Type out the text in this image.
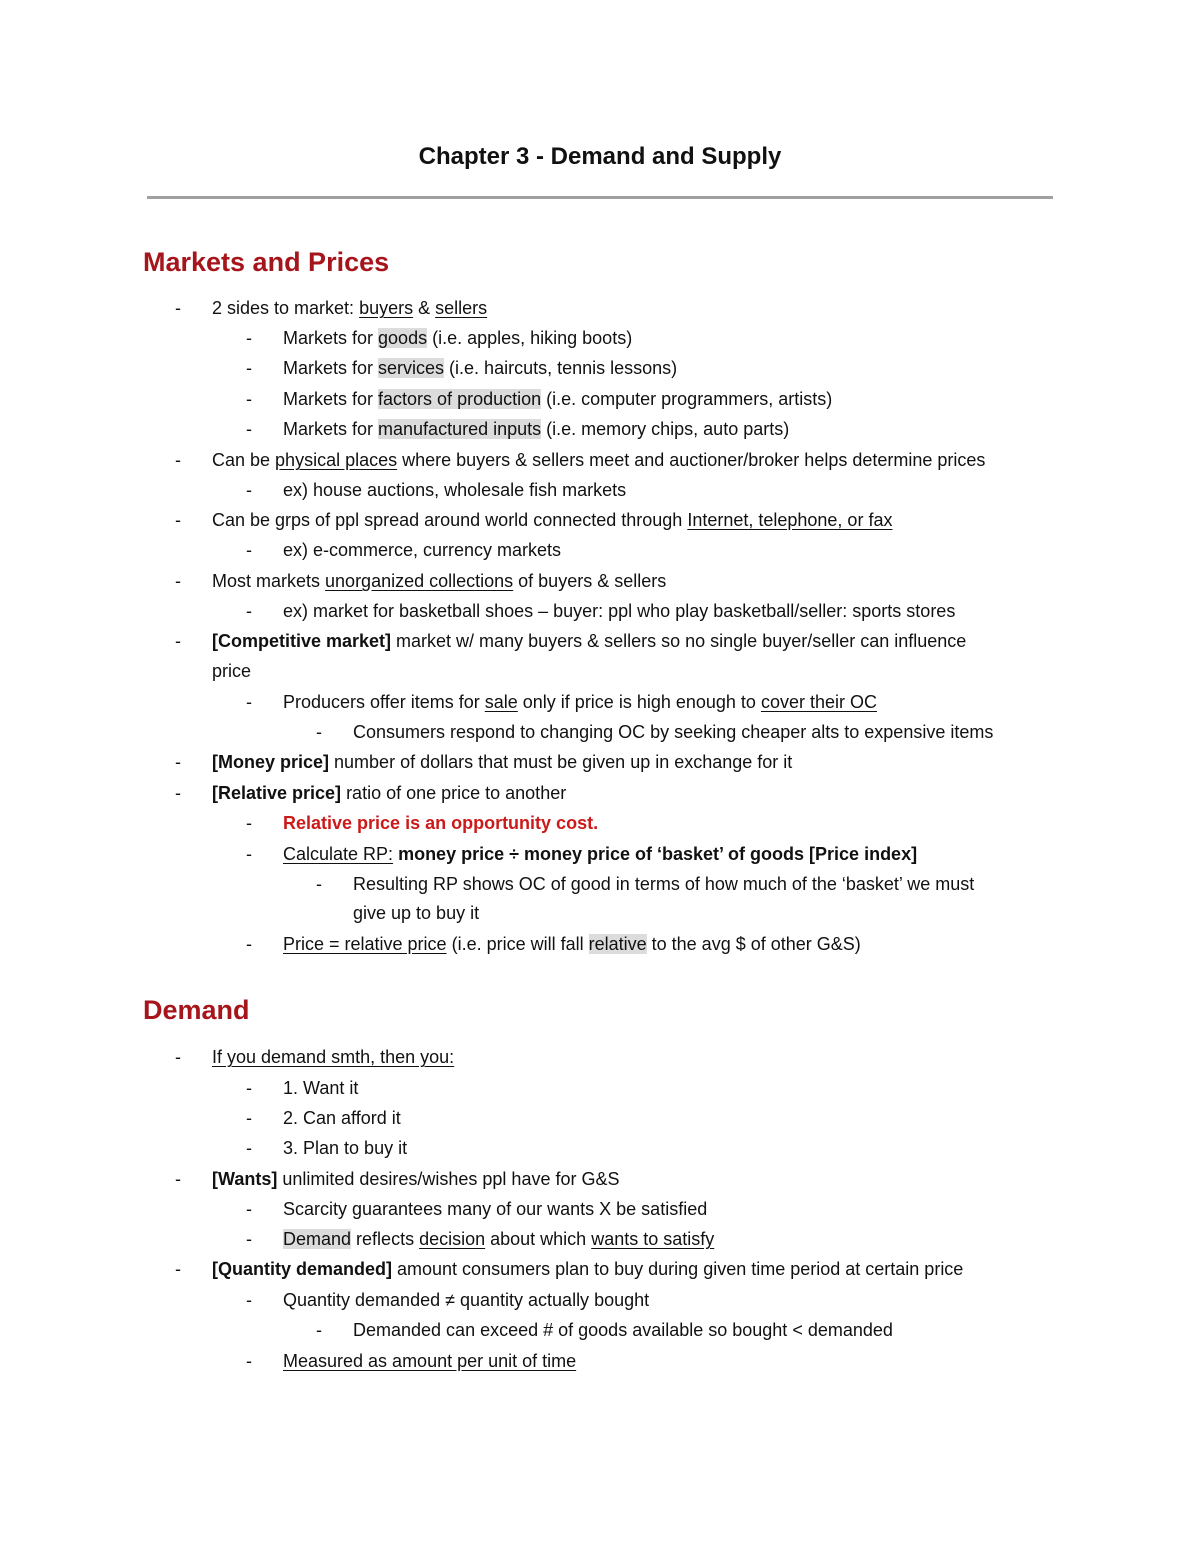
Chapter 3 - Demand and Supply
Markets and Prices
- 2 sides to market: buyers & sellers
- Markets for goods (i.e. apples, hiking boots)
- Markets for services (i.e. haircuts, tennis lessons)
- Markets for factors of production (i.e. computer programmers, artists)
- Markets for manufactured inputs (i.e. memory chips, auto parts)
- Can be physical places where buyers & sellers meet and auctioner/broker helps determine prices
- ex) house auctions, wholesale fish markets
- Can be grps of ppl spread around world connected through Internet, telephone, or fax
- ex) e-commerce, currency markets
- Most markets unorganized collections of buyers & sellers
- ex) market for basketball shoes – buyer: ppl who play basketball/seller: sports stores
- [Competitive market] market w/ many buyers & sellers so no single buyer/seller can influence
price
- Producers offer items for sale only if price is high enough to cover their OC
- Consumers respond to changing OC by seeking cheaper alts to expensive items
- [Money price] number of dollars that must be given up in exchange for it
- [Relative price] ratio of one price to another
- Relative price is an opportunity cost.
- Calculate RP: money price ÷ money price of ‘basket’ of goods [Price index]
- Resulting RP shows OC of good in terms of how much of the ‘basket’ we must
give up to buy it
- Price = relative price (i.e. price will fall relative to the avg $ of other G&S)
Demand
- If you demand smth, then you:
- 1. Want it
- 2. Can afford it
- 3. Plan to buy it
- [Wants] unlimited desires/wishes ppl have for G&S
- Scarcity guarantees many of our wants X be satisfied
- Demand reflects decision about which wants to satisfy
- [Quantity demanded] amount consumers plan to buy during given time period at certain price
- Quantity demanded ≠ quantity actually bought
- Demanded can exceed # of goods available so bought < demanded
- Measured as amount per unit of time
